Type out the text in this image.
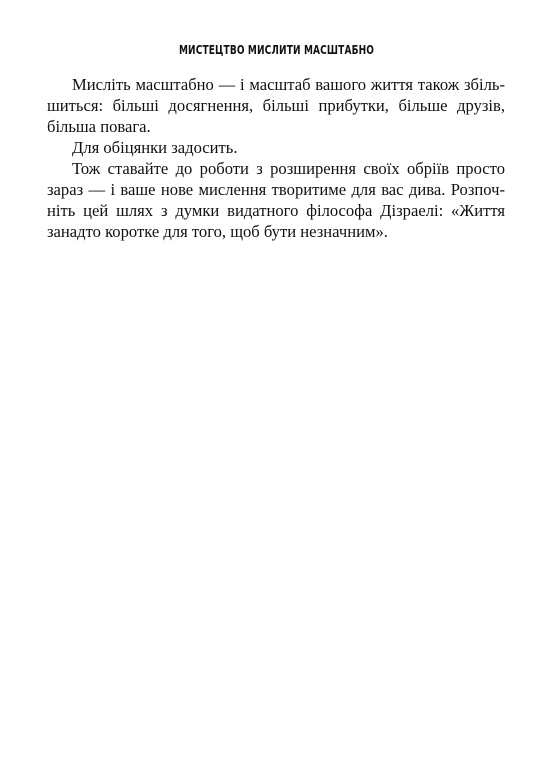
МИСТЕЦТВО МИСЛИТИ МАСШТАБНО
Мисліть масштабно — і масштаб вашого життя також збіль-
шиться: більші досягнення, більші прибутки, більше друзів,
більша повага.
Для обіцянки задосить.
Тож ставайте до роботи з розширення своїх обріїв просто
зараз — і ваше нове мислення творитиме для вас дива. Розпоч-
ніть цей шлях з думки видатного філософа Дізраелі: «Життя
занадто коротке для того, щоб бути незначним».
